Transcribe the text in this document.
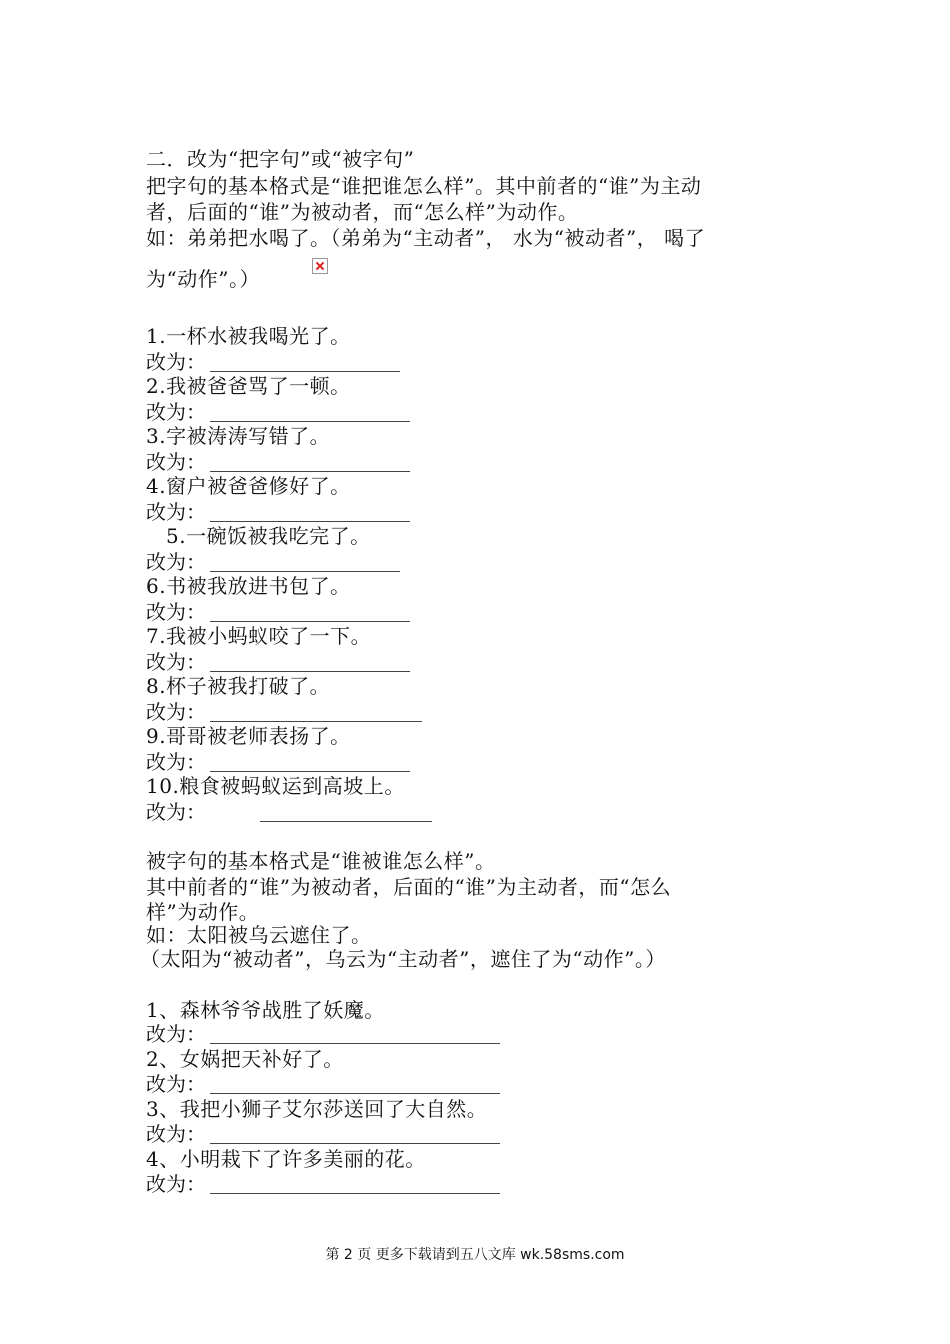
二．改为“把字句”或“被字句”
把字句的基本格式是“谁把谁怎么样”。其中前者的“谁”为主动
者，后面的“谁”为被动者，而“怎么样”为动作。
如：弟弟把水喝了。（弟弟为“主动者”， 水为“被动者”， 喝了
为“动作”。）
1.一杯水被我喝光了。
改为：
2.我被爸爸骂了一顿。
改为：
3.字被涛涛写错了。
改为：
4.窗户被爸爸修好了。
改为：
5.一碗饭被我吃完了。
改为：
6.书被我放进书包了。
改为：
7.我被小蚂蚁咬了一下。
改为：
8.杯子被我打破了。
改为：
9.哥哥被老师表扬了。
改为：
10.粮食被蚂蚁运到高坡上。
改为：
被字句的基本格式是“谁被谁怎么样”。
其中前者的“谁”为被动者，后面的“谁”为主动者，而“怎么
样”为动作。
如：太阳被乌云遮住了。
（太阳为“被动者”，乌云为“主动者”，遮住了为“动作”。）
1、森林爷爷战胜了妖魔。
改为：
2、女娲把天补好了。
改为：
3、我把小狮子艾尔莎送回了大自然。
改为：
4、小明栽下了许多美丽的花。
改为：
第 2 页 更多下载请到五八文库 wk.58sms.com
